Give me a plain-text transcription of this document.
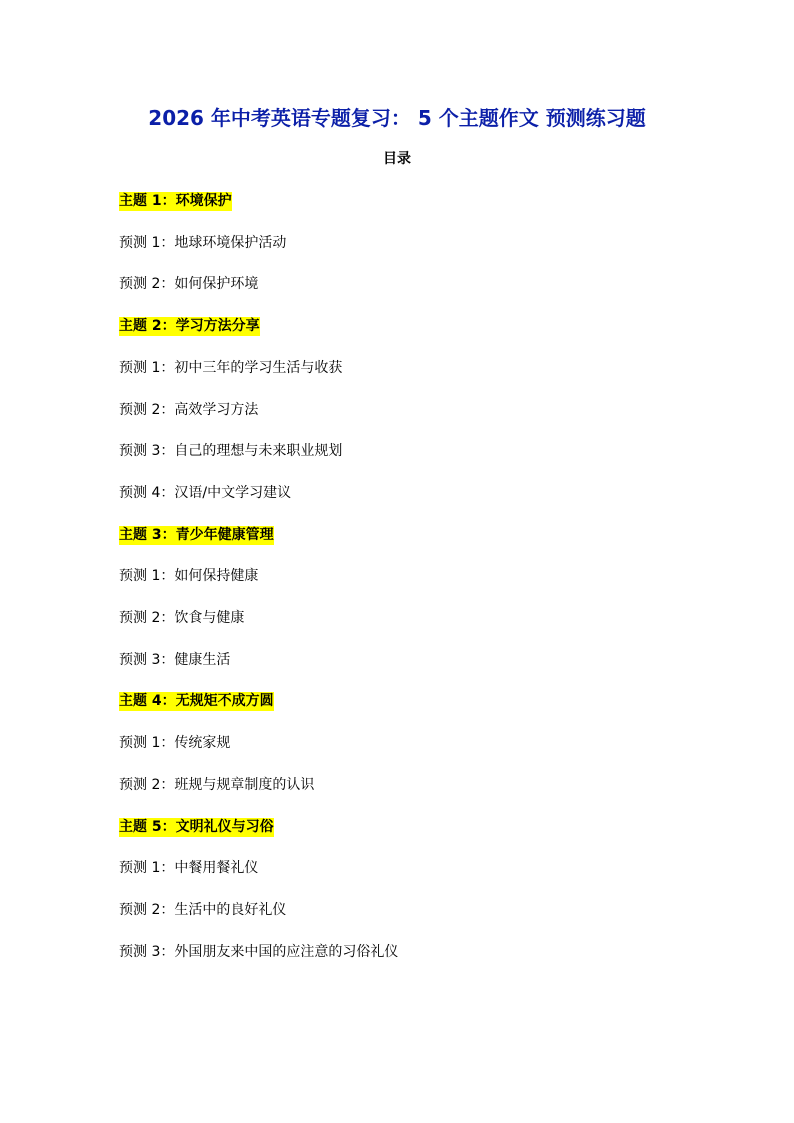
2026 年中考英语专题复习： 5 个主题作文 预测练习题
目录
主题 1：环境保护
预测 1：地球环境保护活动
预测 2：如何保护环境
主题 2：学习方法分享
预测 1：初中三年的学习生活与收获
预测 2：高效学习方法
预测 3：自己的理想与未来职业规划
预测 4：汉语/中文学习建议
主题 3：青少年健康管理
预测 1：如何保持健康
预测 2：饮食与健康
预测 3：健康生活
主题 4：无规矩不成方圆
预测 1：传统家规
预测 2：班规与规章制度的认识
主题 5：文明礼仪与习俗
预测 1：中餐用餐礼仪
预测 2：生活中的良好礼仪
预测 3：外国朋友来中国的应注意的习俗礼仪
